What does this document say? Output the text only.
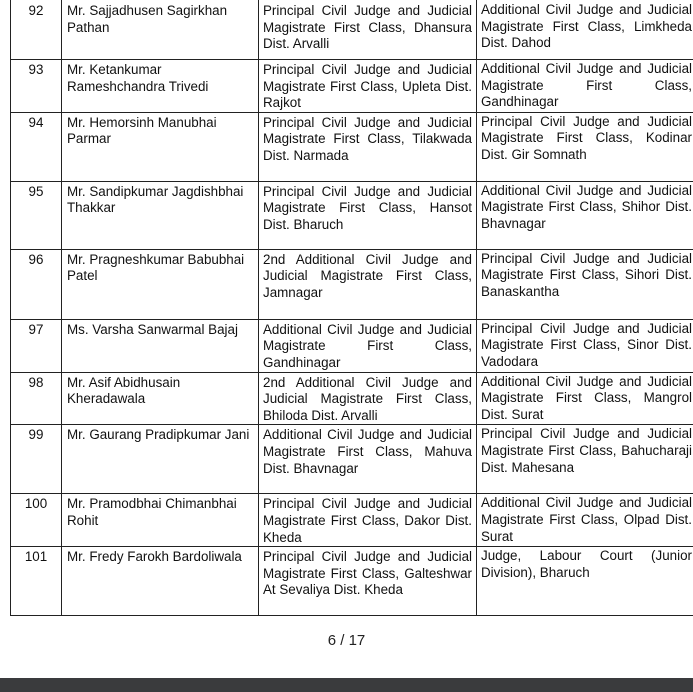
92	Mr. Sajjadhusen Sagirkhan Pathan	Principal Civil Judge and Judicial Magistrate First Class, Dhansura Dist. Arvalli	Additional Civil Judge and Judicial Magistrate First Class, Limkheda Dist. Dahod
93	Mr. Ketankumar Rameshchandra Trivedi	Principal Civil Judge and Judicial Magistrate First Class, Upleta Dist. Rajkot	Additional Civil Judge and Judicial Magistrate First Class, Gandhinagar
94	Mr. Hemorsinh Manubhai Parmar	Principal Civil Judge and Judicial Magistrate First Class, Tilakwada Dist. Narmada	Principal Civil Judge and Judicial Magistrate First Class, Kodinar Dist. Gir Somnath
95	Mr. Sandipkumar Jagdishbhai Thakkar	Principal Civil Judge and Judicial Magistrate First Class, Hansot Dist. Bharuch	Additional Civil Judge and Judicial Magistrate First Class, Shihor Dist. Bhavnagar
96	Mr. Pragneshkumar Babubhai Patel	2nd Additional Civil Judge and Judicial Magistrate First Class, Jamnagar	Principal Civil Judge and Judicial Magistrate First Class, Sihori Dist. Banaskantha
97	Ms. Varsha Sanwarmal Bajaj	Additional Civil Judge and Judicial Magistrate First Class, Gandhinagar	Principal Civil Judge and Judicial Magistrate First Class, Sinor Dist. Vadodara
98	Mr. Asif Abidhusain Kheradawala	2nd Additional Civil Judge and Judicial Magistrate First Class, Bhiloda Dist. Arvalli	Additional Civil Judge and Judicial Magistrate First Class, Mangrol Dist. Surat
99	Mr. Gaurang Pradipkumar Jani	Additional Civil Judge and Judicial Magistrate First Class, Mahuva Dist. Bhavnagar	Principal Civil Judge and Judicial Magistrate First Class, Bahucharaji Dist. Mahesana
100	Mr. Pramodbhai Chimanbhai Rohit	Principal Civil Judge and Judicial Magistrate First Class, Dakor Dist. Kheda	Additional Civil Judge and Judicial Magistrate First Class, Olpad Dist. Surat
101	Mr. Fredy Farokh Bardoliwala	Principal Civil Judge and Judicial Magistrate First Class, Galteshwar At Sevaliya Dist. Kheda	Judge, Labour Court (Junior Division), Bharuch
6 / 17
